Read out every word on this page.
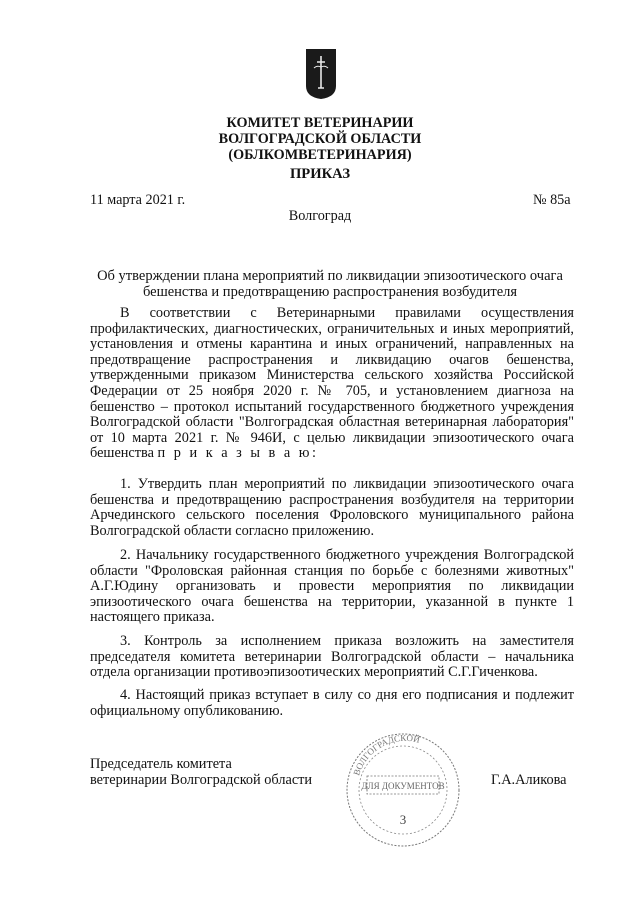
КОМИТЕТ ВЕТЕРИНАРИИ
ВОЛГОГРАДСКОЙ ОБЛАСТИ
(ОБЛКОМВЕТЕРИНАРИЯ)
ПРИКАЗ
11 марта 2021 г.	№ 85а
Волгоград
Об утверждении плана мероприятий по ликвидации эпизоотического очага
бешенства и предотвращению распространения возбудителя
В соответствии с Ветеринарными правилами осуществления профилактических, диагностических, ограничительных и иных мероприятий, установления и отмены карантина и иных ограничений, направленных на предотвращение распространения и ликвидацию очагов бешенства, утвержденными приказом Министерства сельского хозяйства Российской Федерации от 25 ноября 2020 г. № 705, и установлением диагноза на бешенство – протокол испытаний государственного бюджетного учреждения Волгоградской области "Волгоградская областная ветеринарная лаборатория" от 10 марта 2021 г. № 946И, с целью ликвидации эпизоотического очага бешенства п р и к а з ы в а ю:
1. Утвердить план мероприятий по ликвидации эпизоотического очага бешенства и предотвращению распространения возбудителя на территории Арчединского сельского поселения Фроловского муниципального района Волгоградской области согласно приложению.
2. Начальнику государственного бюджетного учреждения Волгоградской области "Фроловская районная станция по борьбе с болезнями животных" А.Г.Юдину организовать и провести мероприятия по ликвидации эпизоотического очага бешенства на территории, указанной в пункте 1 настоящего приказа.
3. Контроль за исполнением приказа возложить на заместителя председателя комитета ветеринарии Волгоградской области – начальника отдела организации противоэпизоотических мероприятий С.Г.Гиченкова.
4. Настоящий приказ вступает в силу со дня его подписания и подлежит официальному опубликованию.
Председатель комитета
ветеринарии Волгоградской области	Г.А.Аликова
ВОЛГОГРАДСКОЙ
ДЛЯ ДОКУМЕНТОВ
3
